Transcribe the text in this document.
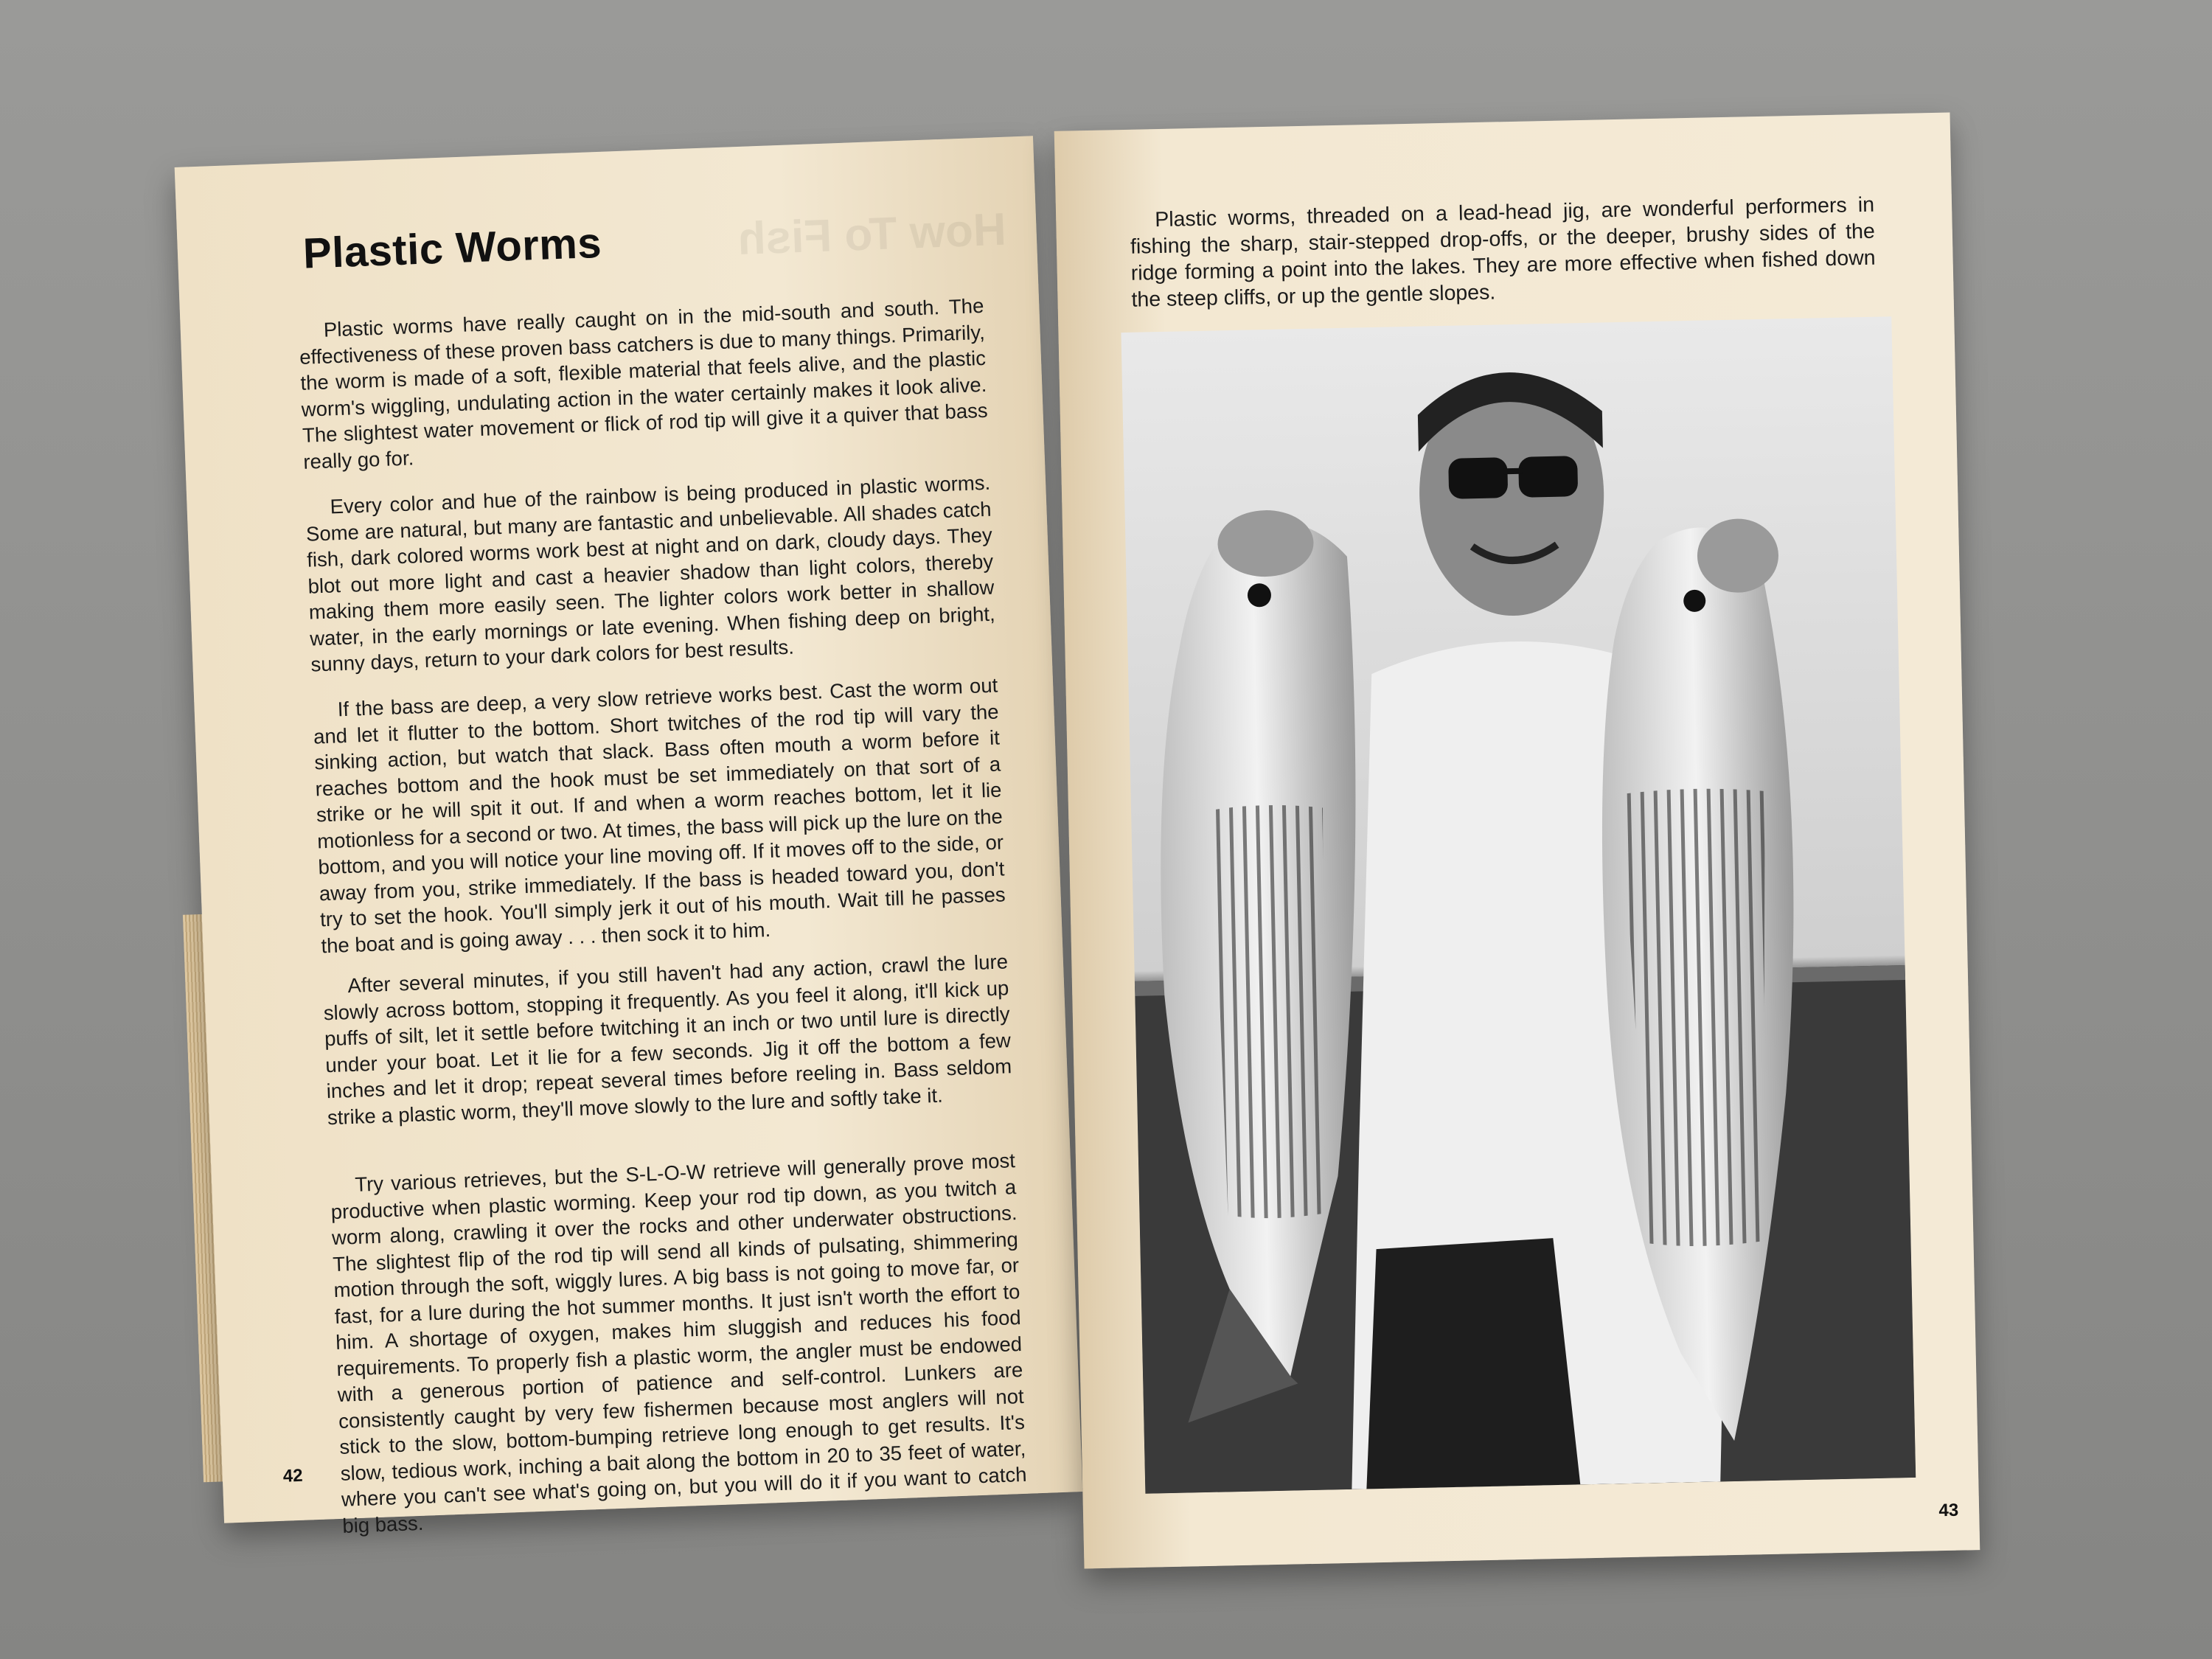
How To Fish
Plastic Worms

Plastic worms have really caught on in the mid-south and south. The effectiveness of these proven bass catchers is due to many things. Primarily, the worm is made of a soft, flexible material that feels alive, and the plastic worm's wiggling, undulating action in the water certainly makes it look alive. The slightest water movement or flick of rod tip will give it a quiver that bass really go for.

Every color and hue of the rainbow is being produced in plastic worms. Some are natural, but many are fantastic and unbelievable. All shades catch fish, dark colored worms work best at night and on dark, cloudy days. They blot out more light and cast a heavier shadow than light colors, thereby making them more easily seen. The lighter colors work better in shallow water, in the early mornings or late evening. When fishing deep on bright, sunny days, return to your dark colors for best results.

If the bass are deep, a very slow retrieve works best. Cast the worm out and let it flutter to the bottom. Short twitches of the rod tip will vary the sinking action, but watch that slack. Bass often mouth a worm before it reaches bottom and the hook must be set immediately on that sort of a strike or he will spit it out. If and when a worm reaches bottom, let it lie motionless for a second or two. At times, the bass will pick up the lure on the bottom, and you will notice your line moving off. If it moves off to the side, or away from you, strike immediately. If the bass is headed toward you, don't try to set the hook. You'll simply jerk it out of his mouth. Wait till he passes the boat and is going away . . . then sock it to him.

After several minutes, if you still haven't had any action, crawl the lure slowly across bottom, stopping it frequently. As you feel it along, it'll kick up puffs of silt, let it settle before twitching it an inch or two until lure is directly under your boat. Let it lie for a few seconds. Jig it off the bottom a few inches and let it drop; repeat several times before reeling in. Bass seldom strike a plastic worm, they'll move slowly to the lure and softly take it.

Try various retrieves, but the S-L-O-W retrieve will generally prove most productive when plastic worming. Keep your rod tip down, as you twitch a worm along, crawling it over the rocks and other underwater obstructions. The slightest flip of the rod tip will send all kinds of pulsating, shimmering motion through the soft, wiggly lures. A big bass is not going to move far, or fast, for a lure during the hot summer months. It just isn't worth the effort to him. A shortage of oxygen, makes him sluggish and reduces his food requirements. To properly fish a plastic worm, the angler must be endowed with a generous portion of patience and self-control. Lunkers are consistently caught by very few fishermen because most anglers will not stick to the slow, bottom-bumping retrieve long enough to get results. It's slow, tedious work, inching a bait along the bottom in 20 to 35 feet of water, where you can't see what's going on, but you will do it if you want to catch big bass.

42

Plastic worms, threaded on a lead-head jig, are wonderful performers in fishing the sharp, stair-stepped drop-offs, or the deeper, brushy sides of the ridge forming a point into the lakes. They are more effective when fished down the steep cliffs, or up the gentle slopes.

43
